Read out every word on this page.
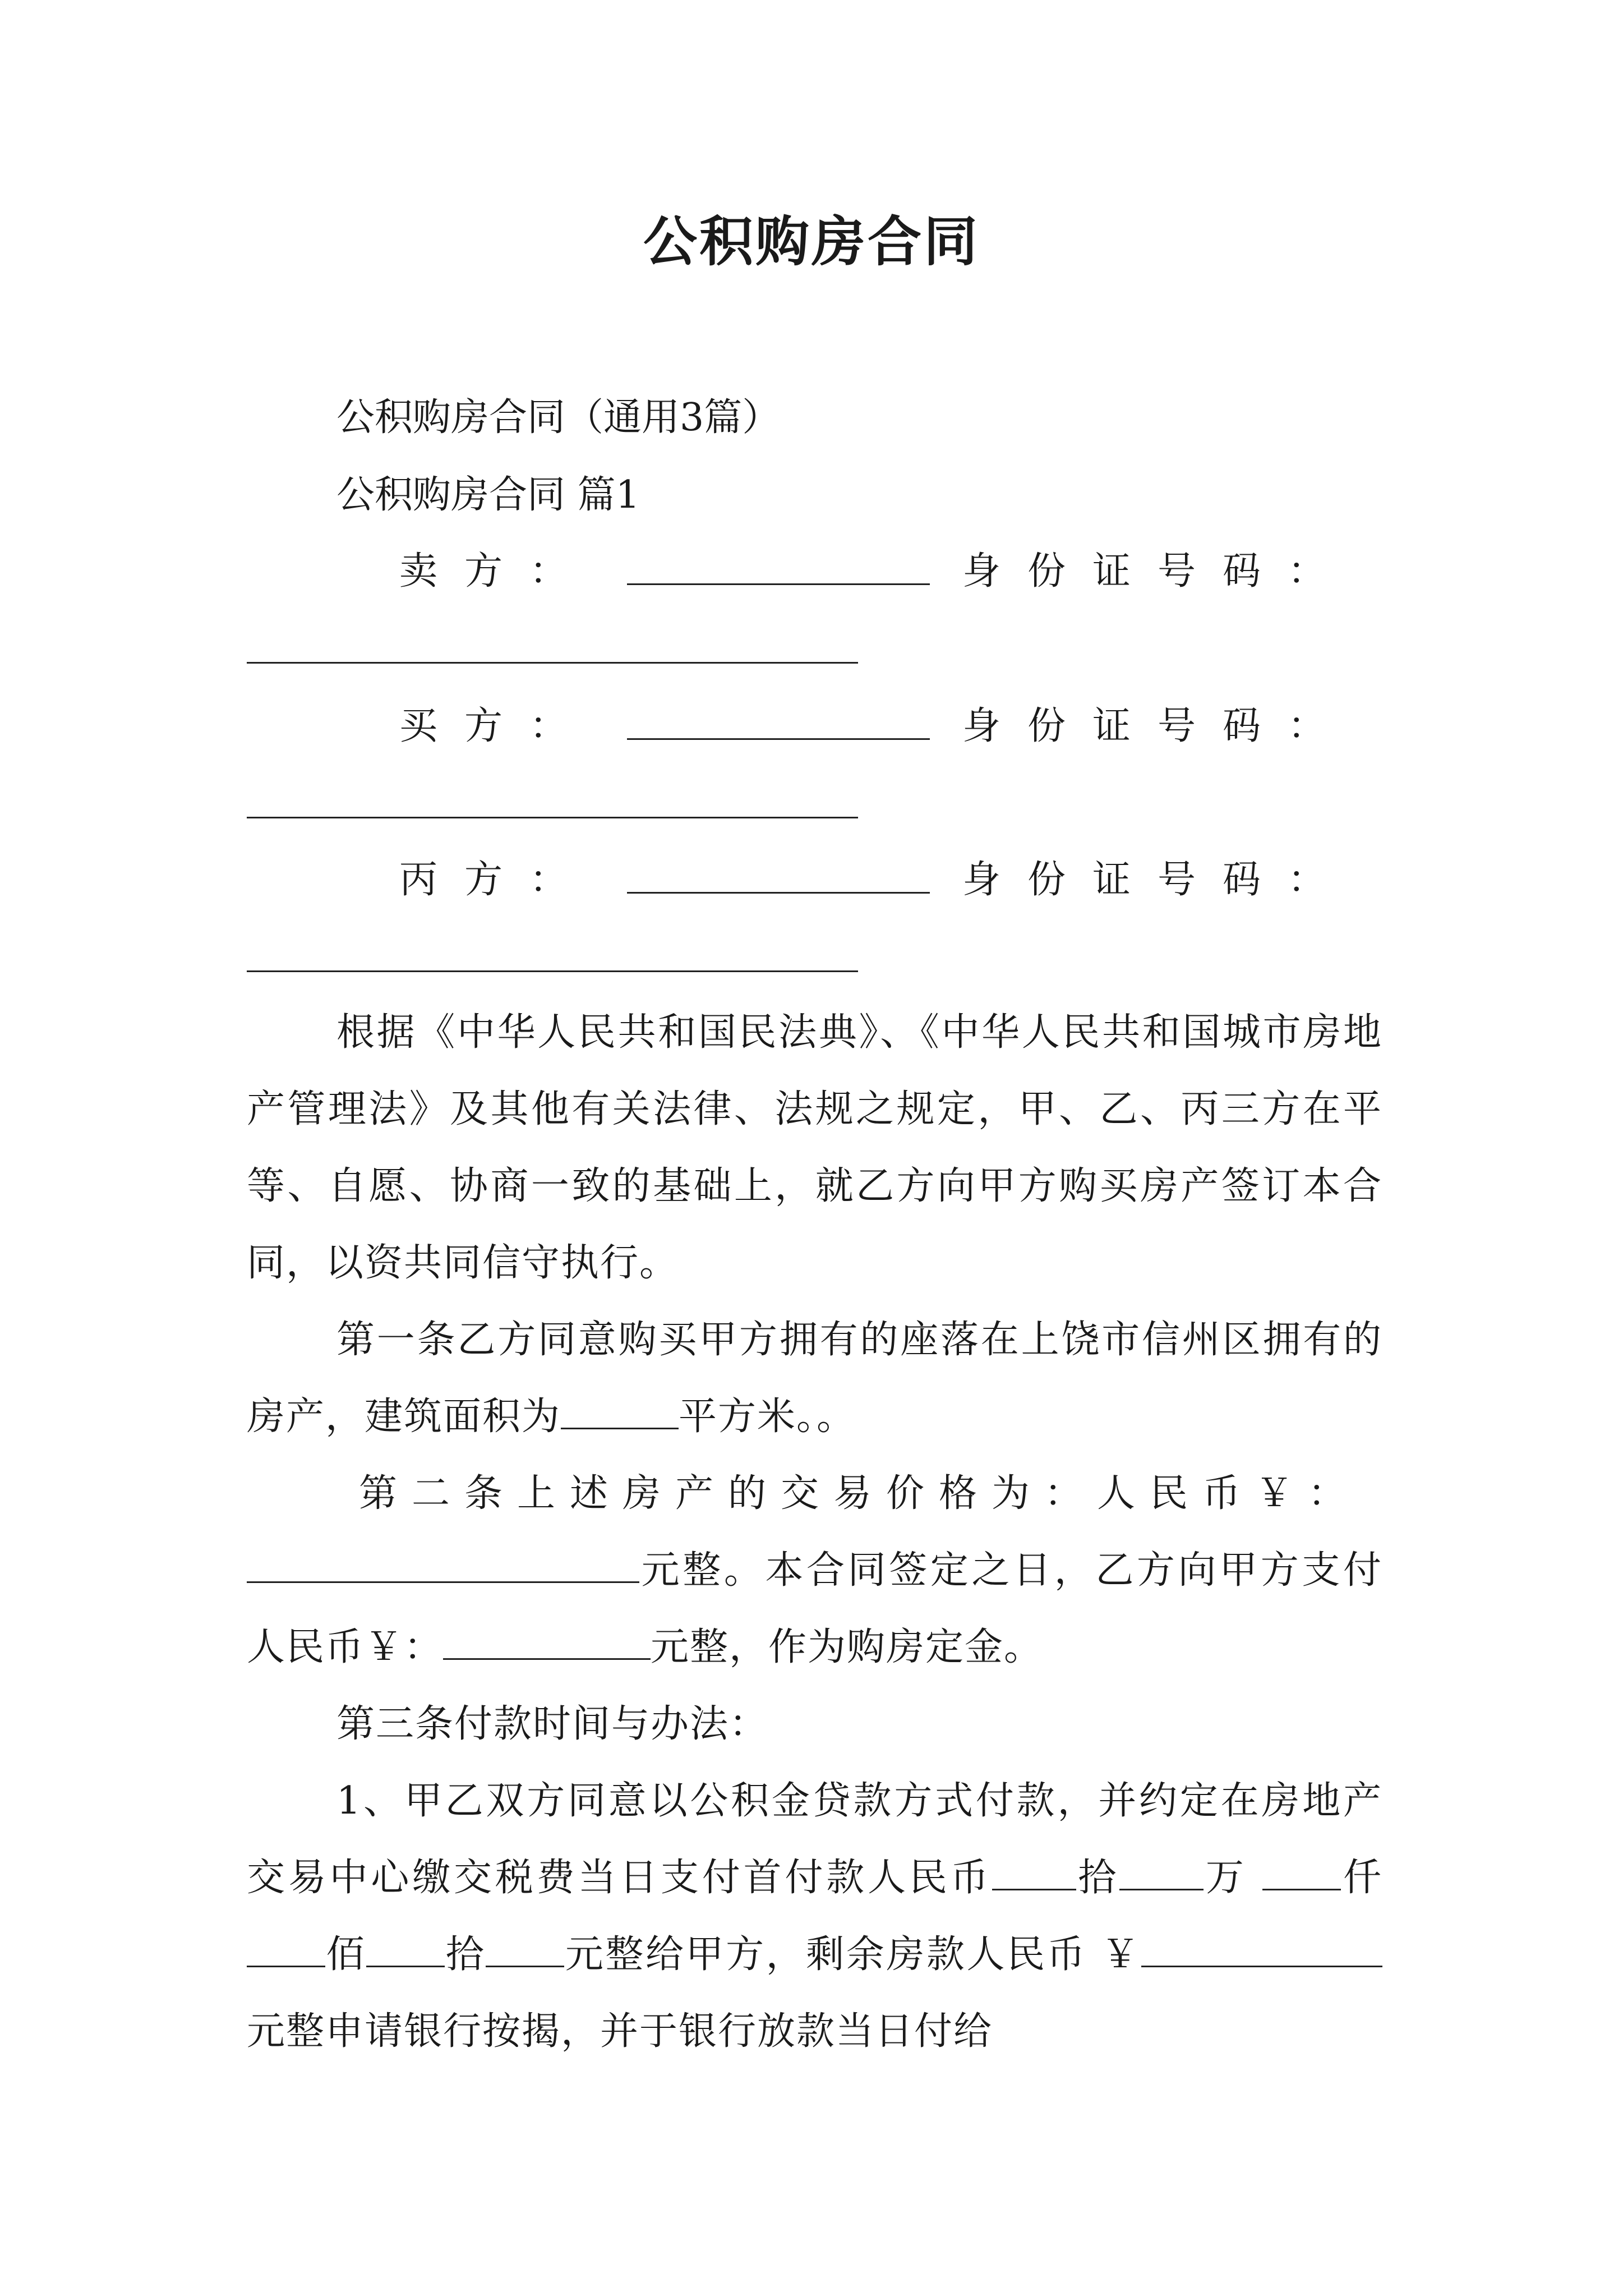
公积购房合同
公积购房合同（通用3篇）
公积购房合同 篇1
卖方：	身份证号码：
买方：	身份证号码：
丙方：	身份证号码：
根据《中华人民共和国民法典》、《中华人民共和国城市房地产管理法》及其他有关法律、法规之规定，甲、乙、丙三方在平等、自愿、协商一致的基础上，就乙方向甲方购买房产签订本合同，以资共同信守执行。
第一条乙方同意购买甲方拥有的座落在上饶市信州区拥有的房产，建筑面积为	平方米。。
第二条上述房产的交易价格为：人民币￥：
元整。本合同签定之日，乙方向甲方支付人民币￥：	元整，作为购房定金。
第三条付款时间与办法：
1、甲乙双方同意以公积金贷款方式付款，并约定在房地产交易中心缴交税费当日支付首付款人民币 拾 万 仟佰 拾 元整给甲方，剩余房款人民币 ￥元整申请银行按揭，并于银行放款当日付给
